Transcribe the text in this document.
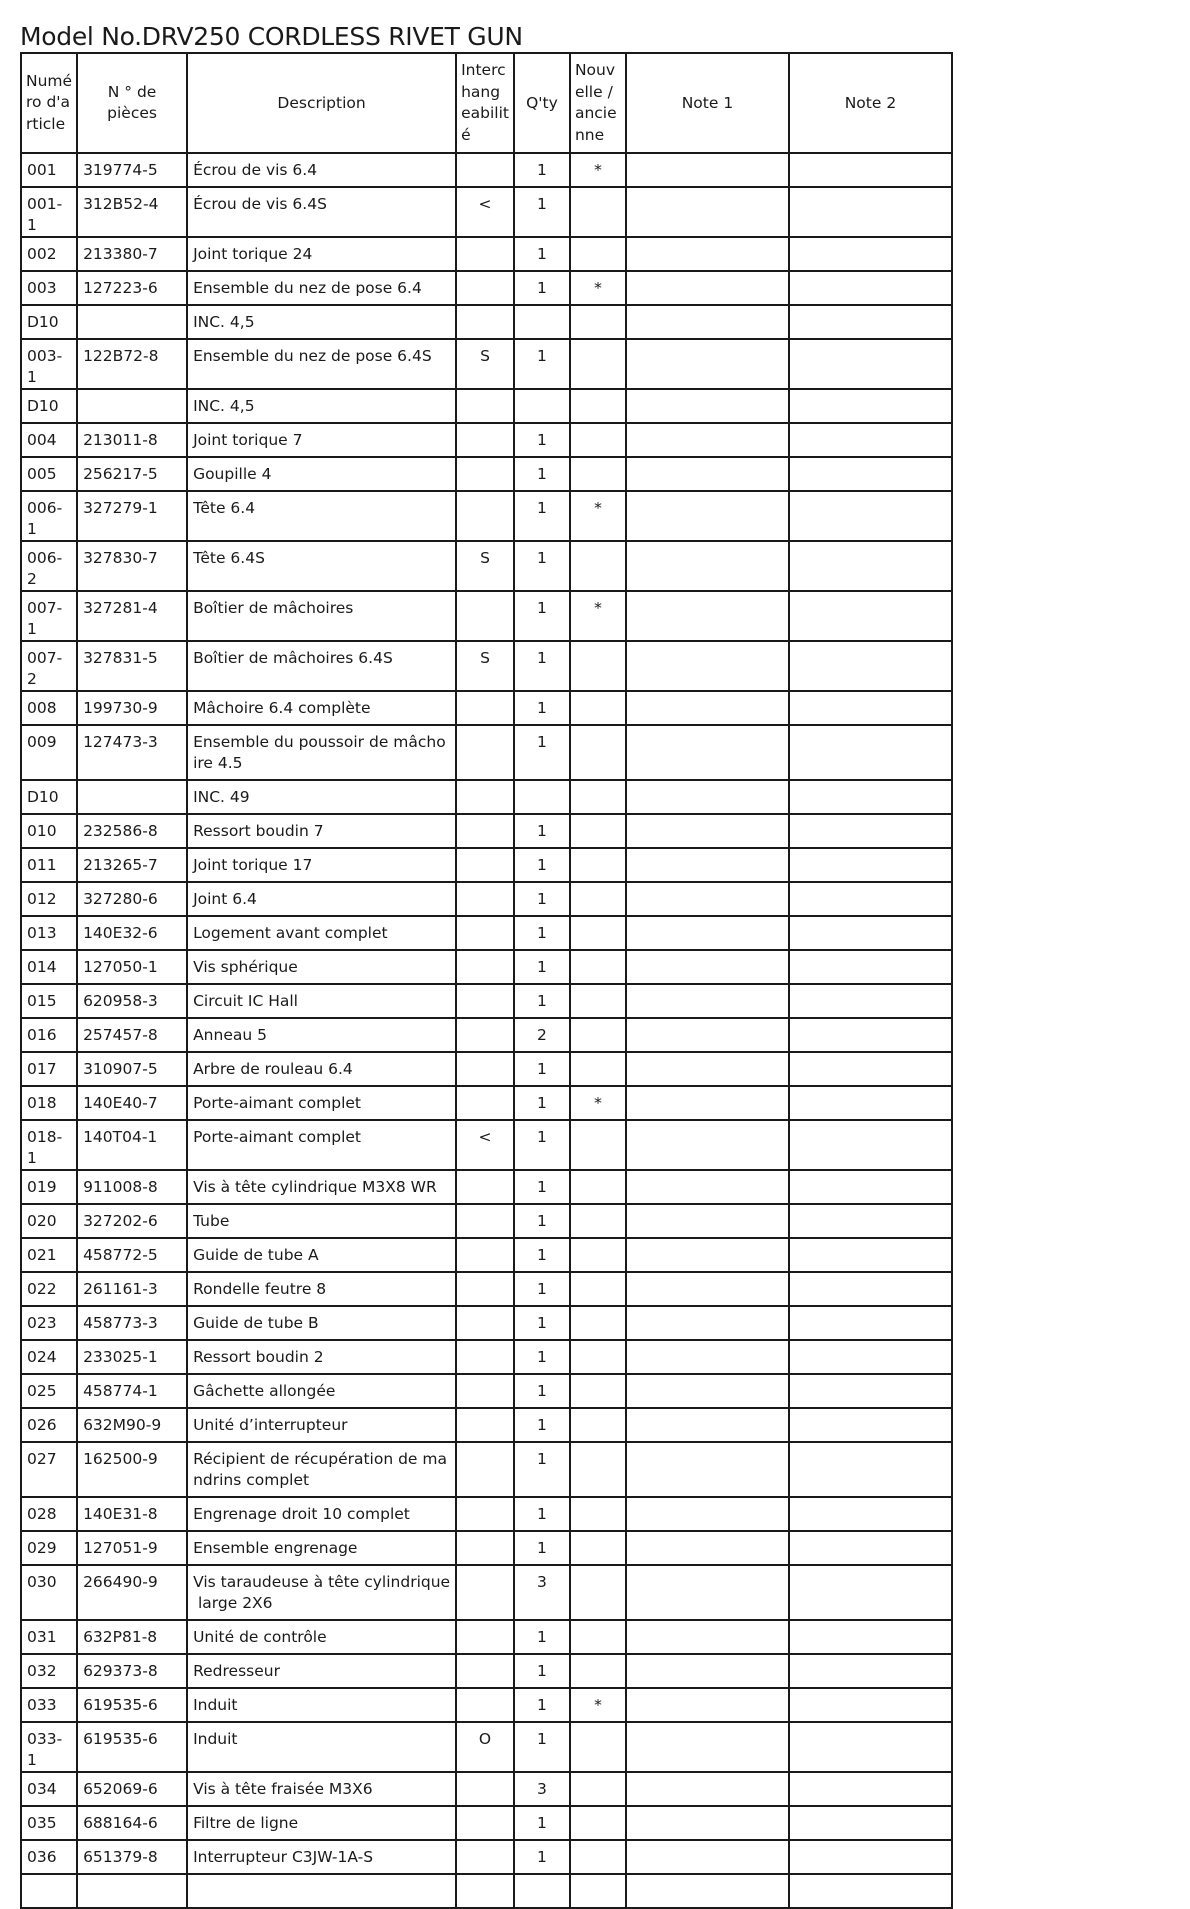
Model No.DRV250 CORDLESS RIVET GUN
Numé
ro d'a
rticle	N ° de pièces	Description	Interc
hang
eabilit
é	Q'ty	Nouv
elle /
ancie
nne	Note 1	Note 2
001	319774-5	Écrou de vis 6.4		1	*		
001-1	312B52-4	Écrou de vis 6.4S	<	1			
002	213380-7	Joint torique 24		1			
003	127223-6	Ensemble du nez de pose 6.4		1	*		
D10		INC. 4,5					

003-1	122B72-8	Ensemble du nez de pose 6.4S	S	1			
D10		INC. 4,5					

004	213011-8	Joint torique 7		1			
005	256217-5	Goupille 4		1			
006-1	327279-1	Tête 6.4		1	*		
006-2	327830-7	Tête 6.4S	S	1			
007-1	327281-4	Boîtier de mâchoires		1	*		
007-2	327831-5	Boîtier de mâchoires 6.4S	S	1			
008	199730-9	Mâchoire 6.4 complète		1			
009	127473-3	Ensemble du poussoir de mâcho
ire 4.5		1			
D10		INC. 49					

010	232586-8	Ressort boudin 7		1			
011	213265-7	Joint torique 17		1			
012	327280-6	Joint 6.4		1			
013	140E32-6	Logement avant complet		1			
014	127050-1	Vis sphérique		1			
015	620958-3	Circuit IC Hall		1			
016	257457-8	Anneau 5		2			
017	310907-5	Arbre de rouleau 6.4		1			
018	140E40-7	Porte-aimant complet		1	*		
018-1	140T04-1	Porte-aimant complet	<	1			
019	911008-8	Vis à tête cylindrique M3X8 WR		1			
020	327202-6	Tube		1			
021	458772-5	Guide de tube A		1			
022	261161-3	Rondelle feutre 8		1			
023	458773-3	Guide de tube B		1			
024	233025-1	Ressort boudin 2		1			
025	458774-1	Gâchette allongée		1			
026	632M90-9	Unité d’interrupteur		1			
027	162500-9	Récipient de récupération de ma
ndrins complet		1			
028	140E31-8	Engrenage droit 10 complet		1			
029	127051-9	Ensemble engrenage		1			
030	266490-9	Vis taraudeuse à tête cylindrique
large 2X6		3			
031	632P81-8	Unité de contrôle		1			
032	629373-8	Redresseur		1			
033	619535-6	Induit		1	*		
033-1	619535-6	Induit	O	1			
034	652069-6	Vis à tête fraisée M3X6		3			
035	688164-6	Filtre de ligne		1			
036	651379-8	Interrupteur C3JW-1A-S		1			
